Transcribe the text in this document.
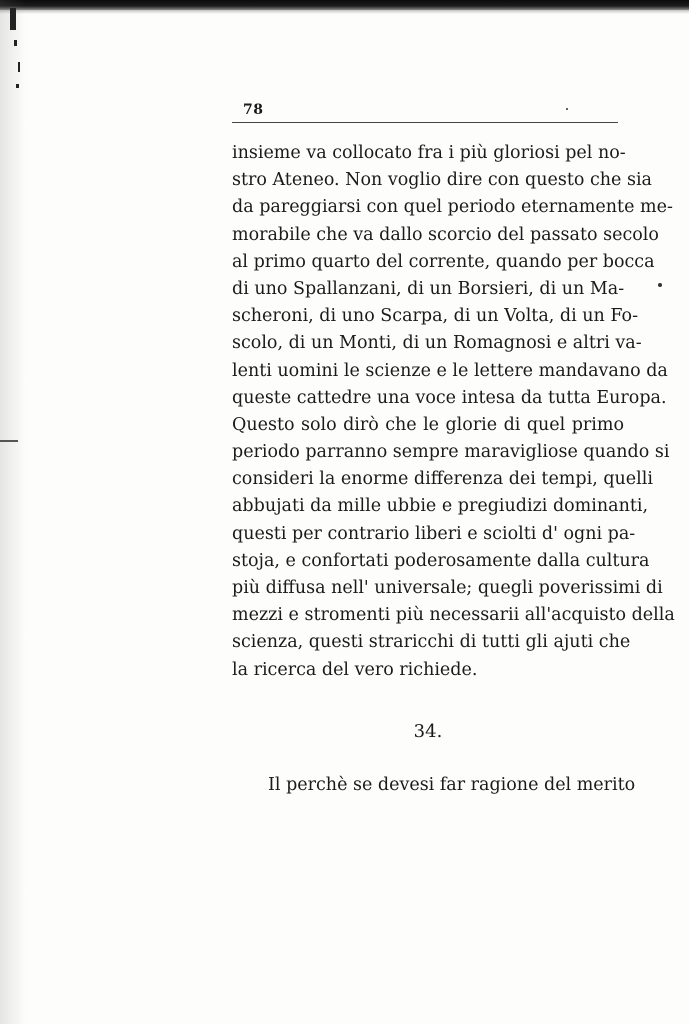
78
insieme va collocato fra i più gloriosi pel no-
stro Ateneo. Non voglio dire con questo che sia
da pareggiarsi con quel periodo eternamente me-
morabile che va dallo scorcio del passato secolo
al primo quarto del corrente, quando per bocca
di uno Spallanzani, di un Borsieri, di un Ma-
scheroni, di uno Scarpa, di un Volta, di un Fo-
scolo, di un Monti, di un Romagnosi e altri va-
lenti uomini le scienze e le lettere mandavano da
queste cattedre una voce intesa da tutta Europa.
Questo solo dirò che le glorie di quel primo
periodo parranno sempre maravigliose quando si
consideri la enorme differenza dei tempi, quelli
abbujati da mille ubbie e pregiudizi dominanti,
questi per contrario liberi e sciolti d' ogni pa-
stoja, e confortati poderosamente dalla cultura
più diffusa nell' universale; quegli poverissimi di
mezzi e stromenti più necessarii all'acquisto della
scienza, questi straricchi di tutti gli ajuti che
la ricerca del vero richiede.
34.
Il perchè se devesi far ragione del merito
